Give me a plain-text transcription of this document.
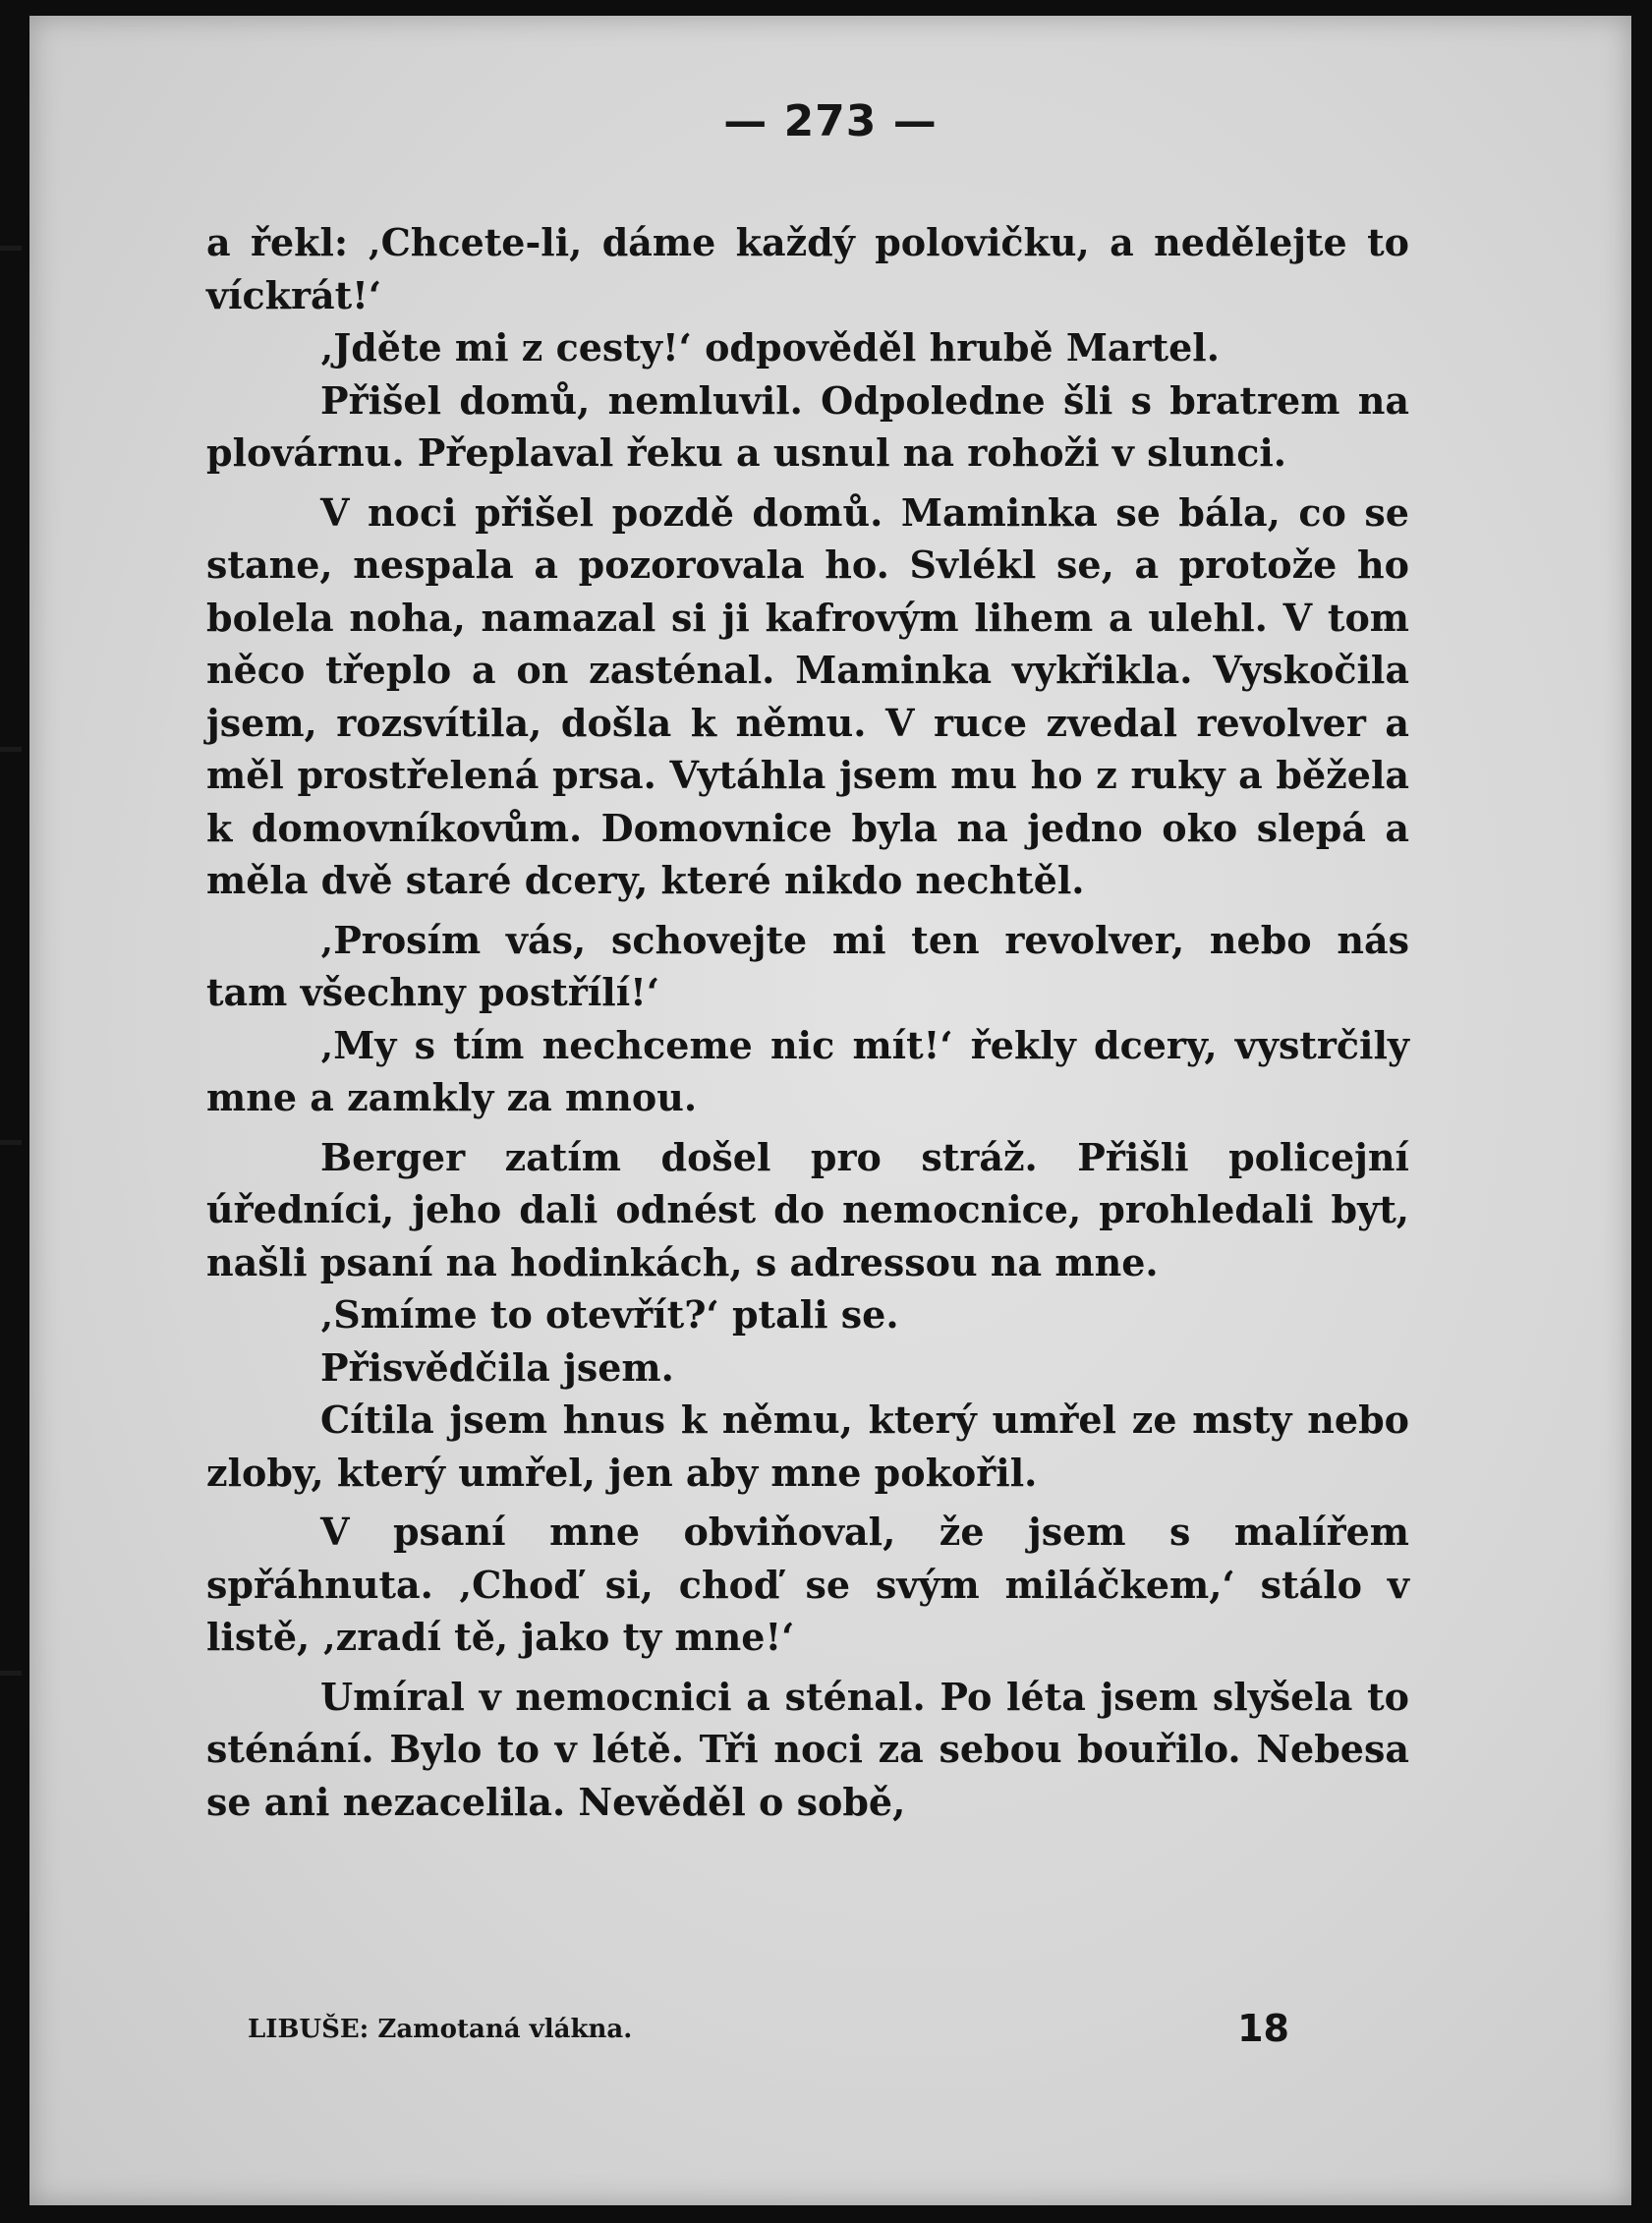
— 273 —

a řekl: ‚Chcete-li, dáme každý polovičku, a nedělejte to víckrát!‘

‚Jděte mi z cesty!‘ odpověděl hrubě Martel.

Přišel domů, nemluvil. Odpoledne šli s bratrem na plovárnu. Přeplaval řeku a usnul na rohoži v slunci.

V noci přišel pozdě domů. Maminka se bála, co se stane, nespala a pozorovala ho. Svlékl se, a protože ho bolela noha, namazal si ji kafrovým lihem a ulehl. V tom něco třeplo a on zasténal. Maminka vykřikla. Vyskočila jsem, rozsvítila, došla k němu. V ruce zvedal revolver a měl prostřelená prsa. Vytáhla jsem mu ho z ruky a běžela k domovníkovům. Domovnice byla na jedno oko slepá a měla dvě staré dcery, které nikdo nechtěl.

‚Prosím vás, schovejte mi ten revolver, nebo nás tam všechny postřílí!‘

‚My s tím nechceme nic mít!‘ řekly dcery, vystrčily mne a zamkly za mnou.

Berger zatím došel pro stráž. Přišli policejní úředníci, jeho dali odnést do nemocnice, prohledali byt, našli psaní na hodinkách, s adressou na mne.

‚Smíme to otevřít?‘ ptali se.

Přisvědčila jsem.

Cítila jsem hnus k němu, který umřel ze msty nebo zloby, který umřel, jen aby mne pokořil.

V psaní mne obviňoval, že jsem s malířem spřáhnuta. ‚Choď si, choď se svým miláčkem,‘ stálo v listě, ‚zradí tě, jako ty mne!‘

Umíral v nemocnici a sténal. Po léta jsem slyšela to sténání. Bylo to v létě. Tři noci za sebou bouřilo. Nebesa se ani nezacelila. Nevěděl o sobě,

LIBUŠE: Zamotaná vlákna.	18
